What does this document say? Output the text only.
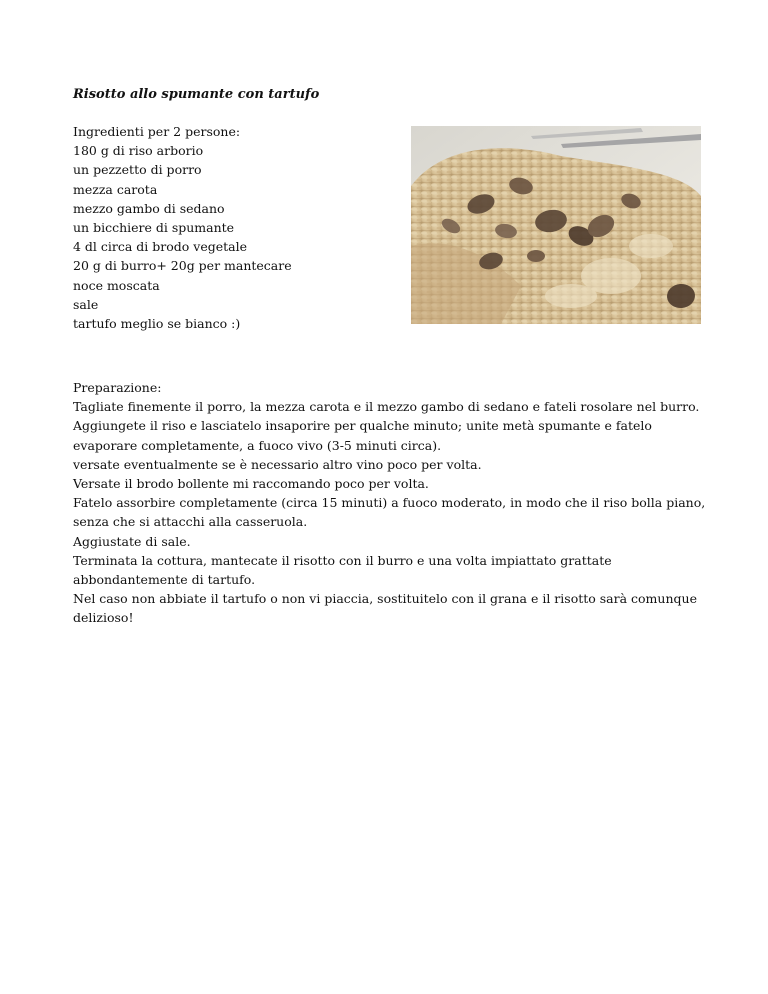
Risotto allo spumante con tartufo
Ingredienti per 2 persone:
180 g di riso arborio
un pezzetto di porro
mezza carota
mezzo gambo di sedano
un bicchiere di spumante
4 dl circa di brodo vegetale
20 g di burro+ 20g per mantecare
noce moscata
sale
tartufo meglio se bianco :)

Preparazione:

Tagliate finemente il porro, la mezza carota e il mezzo gambo di sedano e fateli rosolare nel burro.

Aggiungete il riso e lasciatelo insaporire per qualche minuto; unite metà spumante e fatelo evaporare completamente, a fuoco vivo (3-5 minuti circa).

versate eventualmente se è necessario altro vino poco per volta.

Versate il brodo bollente mi raccomando poco per volta.

Fatelo assorbire completamente (circa 15 minuti) a fuoco moderato, in modo che il riso bolla piano, senza che si attacchi alla casseruola.

Aggiustate di sale.

Terminata la cottura, mantecate il risotto con il burro e una volta impiattato grattate abbondantemente di tartufo.

Nel caso non abbiate il tartufo o non vi piaccia, sostituitelo con il grana e il risotto sarà comunque delizioso!
